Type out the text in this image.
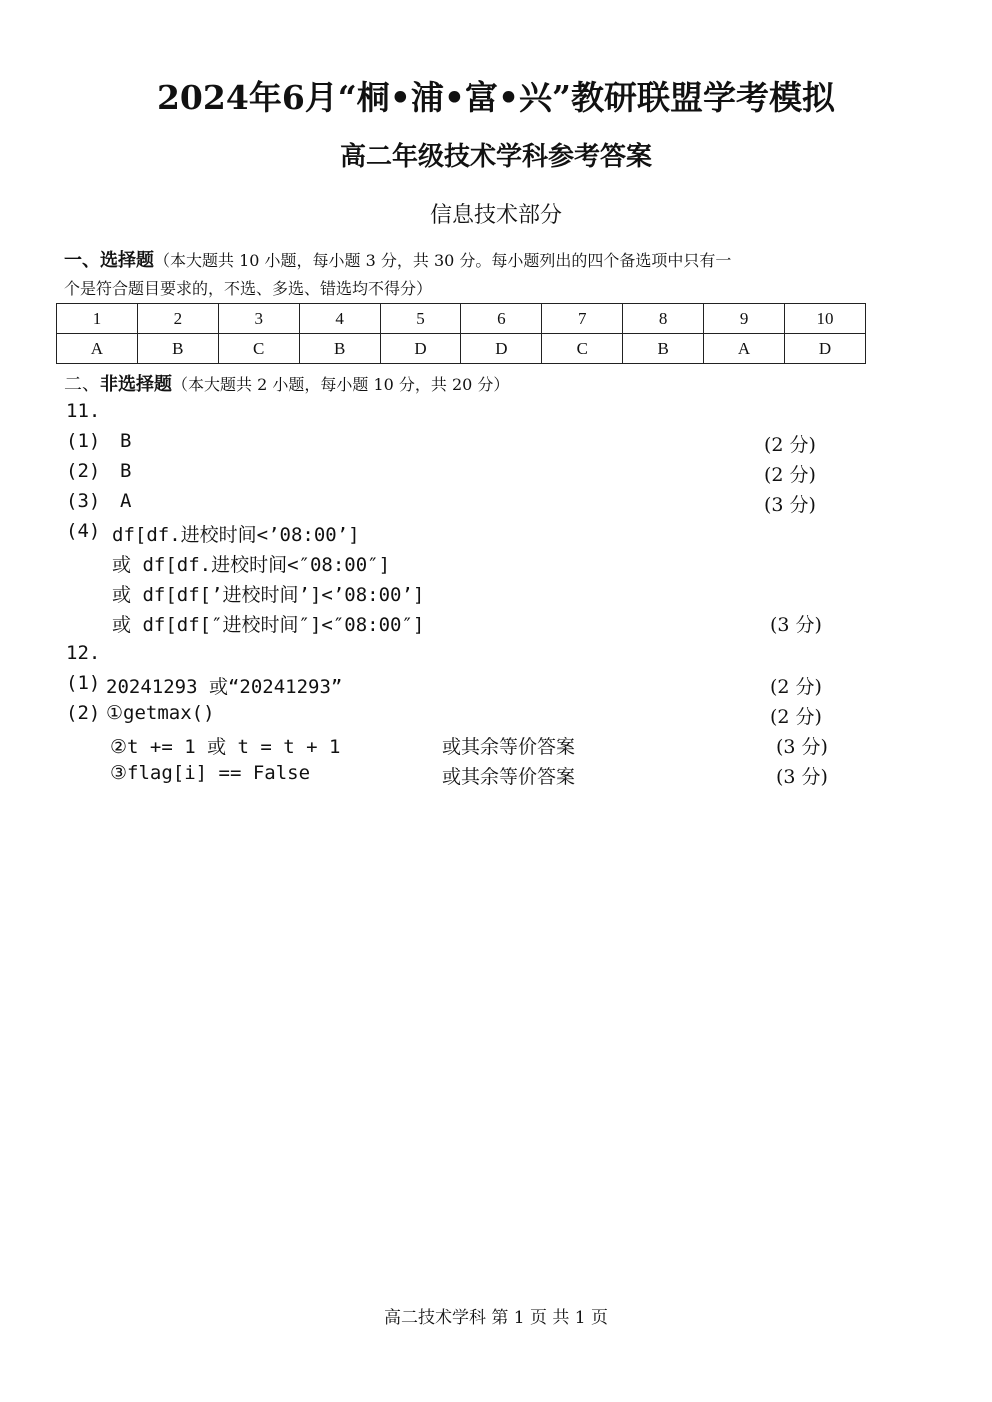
2024年6月“桐•浦•富•兴”教研联盟学考模拟
高二年级技术学科参考答案
信息技术部分
一、选择题（本大题共 10 小题，每小题 3 分，共 30 分。每小题列出的四个备选项中只有一
个是符合题目要求的，不选、多选、错选均不得分）
1	2	3	4	5	6	7	8	9	10
A	B	C	B	D	D	C	B	A	D
二、非选择题（本大题共 2 小题，每小题 10 分，共 20 分）
11.
(1) B	(2 分)
(2) B	(2 分)
(3) A	(3 分)
(4) df[df.进校时间<’08:00’]
或 df[df.进校时间<″08:00″]
或 df[df[’进校时间’]<’08:00’]
或 df[df[″进校时间″]<″08:00″]	(3 分)
12.
(1) 20241293 或“20241293”	(2 分)
(2) ①getmax()	(2 分)
②t += 1 或 t = t + 1	或其余等价答案	(3 分)
③flag[i] == False	或其余等价答案	(3 分)
高二技术学科 第 1 页 共 1 页
